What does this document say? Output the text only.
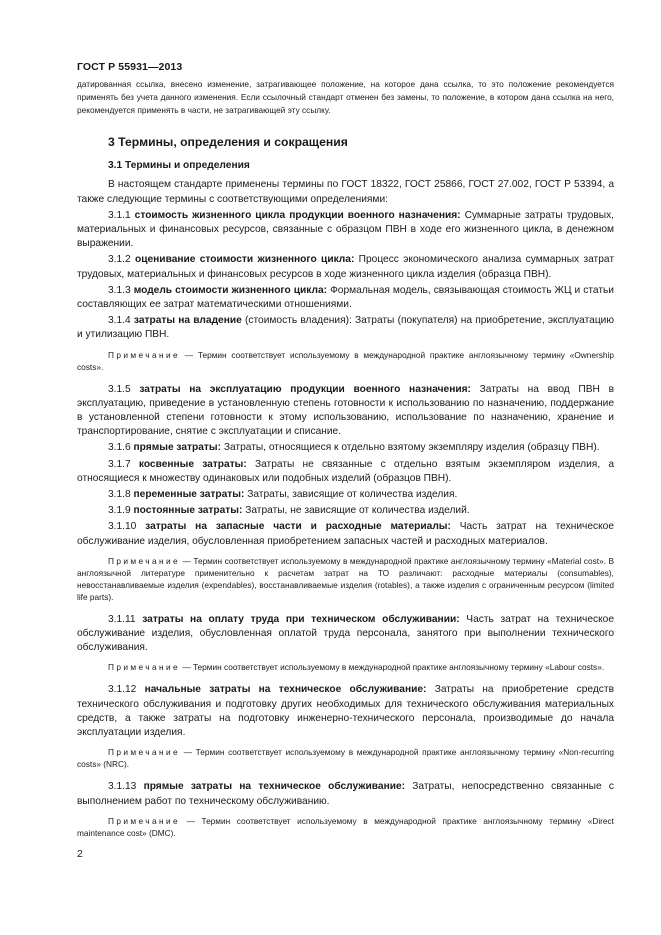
ГОСТ Р 55931—2013

датированная ссылка, внесено изменение, затрагивающее положение, на которое дана ссылка, то это положение рекомендуется применять без учета данного изменения. Если ссылочный стандарт отменен без замены, то положение, в котором дана ссылка на него, рекомендуется применять в части, не затрагивающей эту ссылку.

3 Термины, определения и сокращения
3.1 Термины и определения

В настоящем стандарте применены термины по ГОСТ 18322, ГОСТ 25866, ГОСТ 27.002, ГОСТ Р 53394, а также следующие термины с соответствующими определениями:

3.1.1 стоимость жизненного цикла продукции военного назначения: Суммарные затраты трудовых, материальных и финансовых ресурсов, связанные с образцом ПВН в ходе его жизненного цикла, в денежном выражении.

3.1.2 оценивание стоимости жизненного цикла: Процесс экономического анализа суммарных затрат трудовых, материальных и финансовых ресурсов в ходе жизненного цикла изделия (образца ПВН).

3.1.3 модель стоимости жизненного цикла: Формальная модель, связывающая стоимость ЖЦ и статьи составляющих ее затрат математическими отношениями.

3.1.4 затраты на владение (стоимость владения): Затраты (покупателя) на приобретение, эксплуатацию и утилизацию ПВН.

Примечание — Термин соответствует используемому в международной практике англоязычному термину «Ownership costs».

3.1.5 затраты на эксплуатацию продукции военного назначения: Затраты на ввод ПВН в эксплуатацию, приведение в установленную степень готовности к использованию по назначению, поддержание в установленной степени готовности к этому использованию, использование по назначению, хранение и транспортирование, снятие с эксплуатации и списание.

3.1.6 прямые затраты: Затраты, относящиеся к отдельно взятому экземпляру изделия (образцу ПВН).

3.1.7 косвенные затраты: Затраты не связанные с отдельно взятым экземпляром изделия, а относящиеся к множеству одинаковых или подобных изделий (образцов ПВН).

3.1.8 переменные затраты: Затраты, зависящие от количества изделия.

3.1.9 постоянные затраты: Затраты, не зависящие от количества изделий.

3.1.10 затраты на запасные части и расходные материалы: Часть затрат на техническое обслуживание изделия, обусловленная приобретением запасных частей и расходных материалов.

Примечание — Термин соответствует используемому в международной практике англоязычному термину «Material cost». В англоязычной литературе применительно к расчетам затрат на ТО различают: расходные материалы (consumables), невосстанавливаемые изделия (expendables), восстанавливаемые изделия (rotables), а также изделия с ограниченным ресурсом (limited life parts).

3.1.11 затраты на оплату труда при техническом обслуживании: Часть затрат на техническое обслуживание изделия, обусловленная оплатой труда персонала, занятого при выполнении технического обслуживания.

Примечание — Термин соответствует используемому в международной практике англоязычному термину «Labour costs».

3.1.12 начальные затраты на техническое обслуживание: Затраты на приобретение средств технического обслуживания и подготовку других необходимых для технического обслуживания материальных средств, а также затраты на подготовку инженерно-технического персонала, производимые до начала эксплуатации изделия.

Примечание — Термин соответствует используемому в международной практике англоязычному термину «Non-recurring costs» (NRC).

3.1.13 прямые затраты на техническое обслуживание: Затраты, непосредственно связанные с выполнением работ по техническому обслуживанию.

Примечание — Термин соответствует используемому в международной практике англоязычному термину «Direct maintenance cost» (DMC).

2
